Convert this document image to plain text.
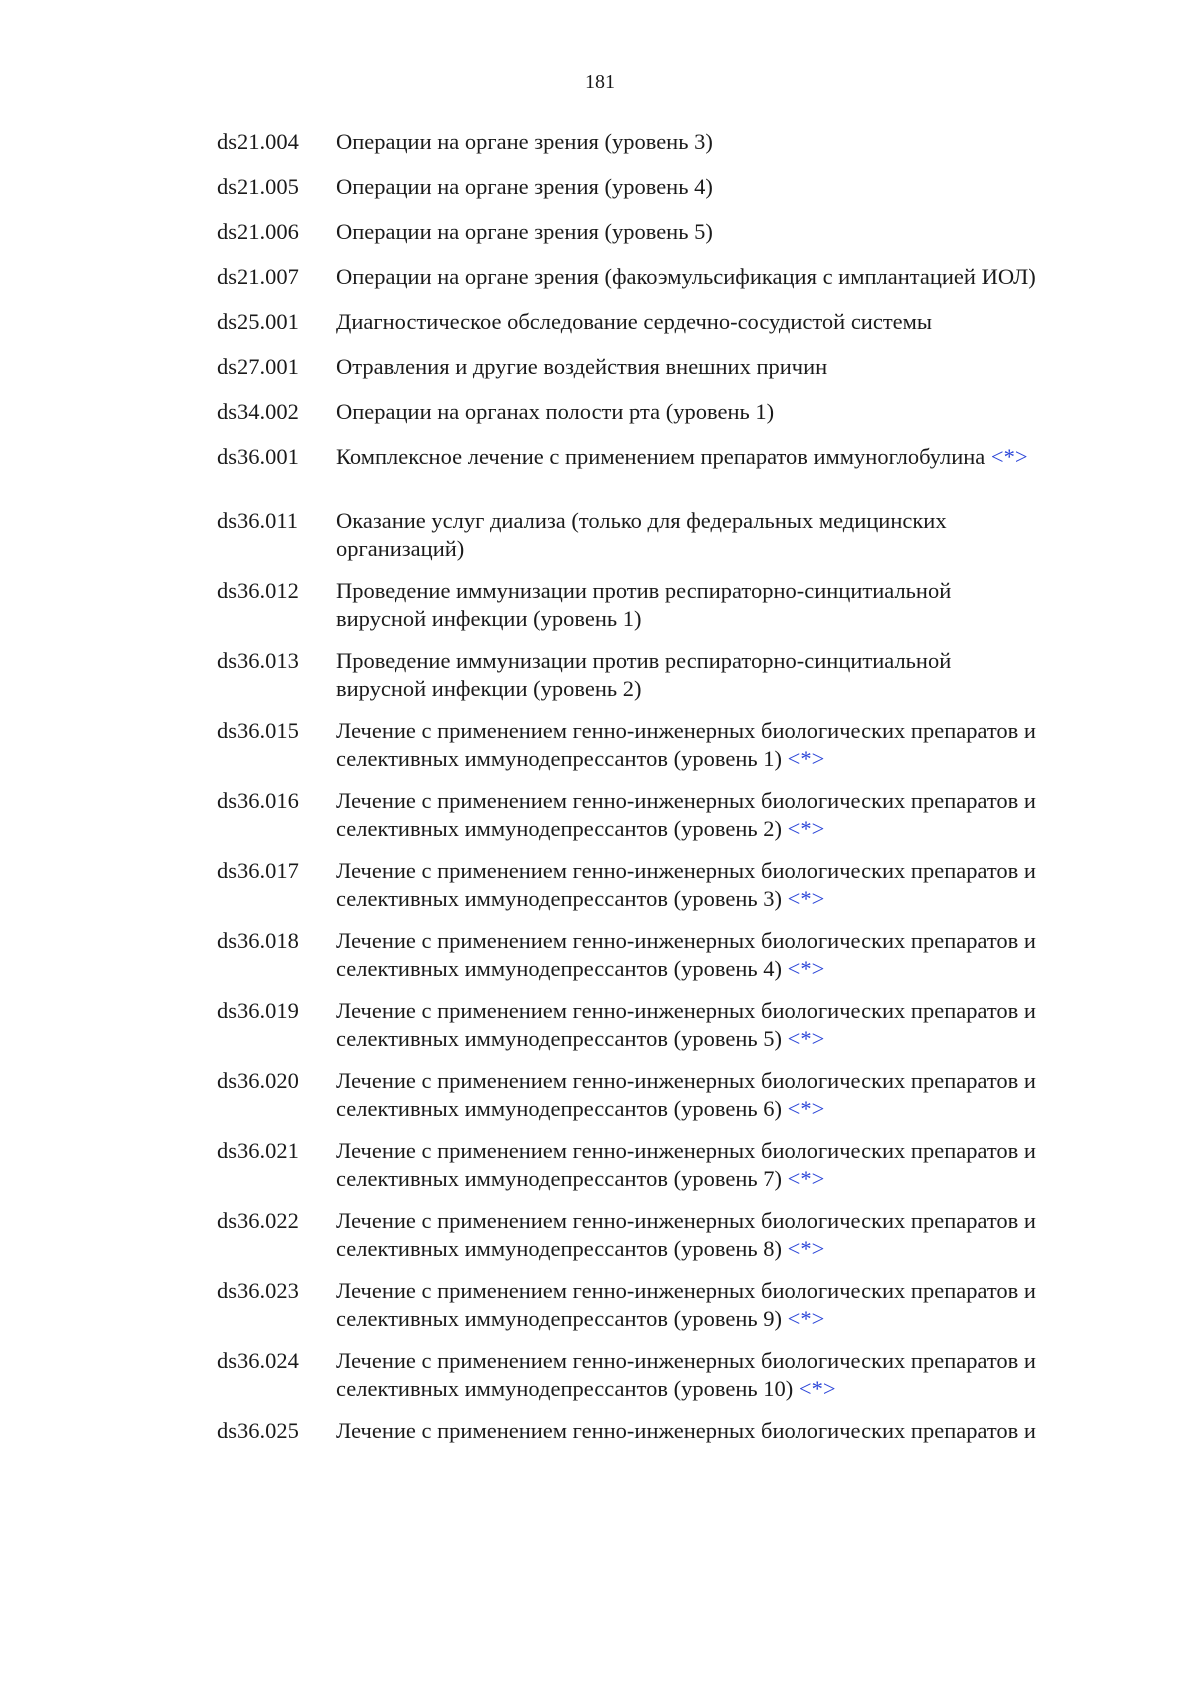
181
ds21.004 Операции на органе зрения (уровень 3)
ds21.005 Операции на органе зрения (уровень 4)
ds21.006 Операции на органе зрения (уровень 5)
ds21.007 Операции на органе зрения (факоэмульсификация с имплантацией ИОЛ)
ds25.001 Диагностическое обследование сердечно-сосудистой системы
ds27.001 Отравления и другие воздействия внешних причин
ds34.002 Операции на органах полости рта (уровень 1)
ds36.001 Комплексное лечение с применением препаратов иммуноглобулина <*>
ds36.011 Оказание услуг диализа (только для федеральных медицинских
организаций)
ds36.012 Проведение иммунизации против респираторно-синцитиальной
вирусной инфекции (уровень 1)
ds36.013 Проведение иммунизации против респираторно-синцитиальной
вирусной инфекции (уровень 2)
ds36.015 Лечение с применением генно-инженерных биологических препаратов и
селективных иммунодепрессантов (уровень 1) <*>
ds36.016 Лечение с применением генно-инженерных биологических препаратов и
селективных иммунодепрессантов (уровень 2) <*>
ds36.017 Лечение с применением генно-инженерных биологических препаратов и
селективных иммунодепрессантов (уровень 3) <*>
ds36.018 Лечение с применением генно-инженерных биологических препаратов и
селективных иммунодепрессантов (уровень 4) <*>
ds36.019 Лечение с применением генно-инженерных биологических препаратов и
селективных иммунодепрессантов (уровень 5) <*>
ds36.020 Лечение с применением генно-инженерных биологических препаратов и
селективных иммунодепрессантов (уровень 6) <*>
ds36.021 Лечение с применением генно-инженерных биологических препаратов и
селективных иммунодепрессантов (уровень 7) <*>
ds36.022 Лечение с применением генно-инженерных биологических препаратов и
селективных иммунодепрессантов (уровень 8) <*>
ds36.023 Лечение с применением генно-инженерных биологических препаратов и
селективных иммунодепрессантов (уровень 9) <*>
ds36.024 Лечение с применением генно-инженерных биологических препаратов и
селективных иммунодепрессантов (уровень 10) <*>
ds36.025 Лечение с применением генно-инженерных биологических препаратов и
